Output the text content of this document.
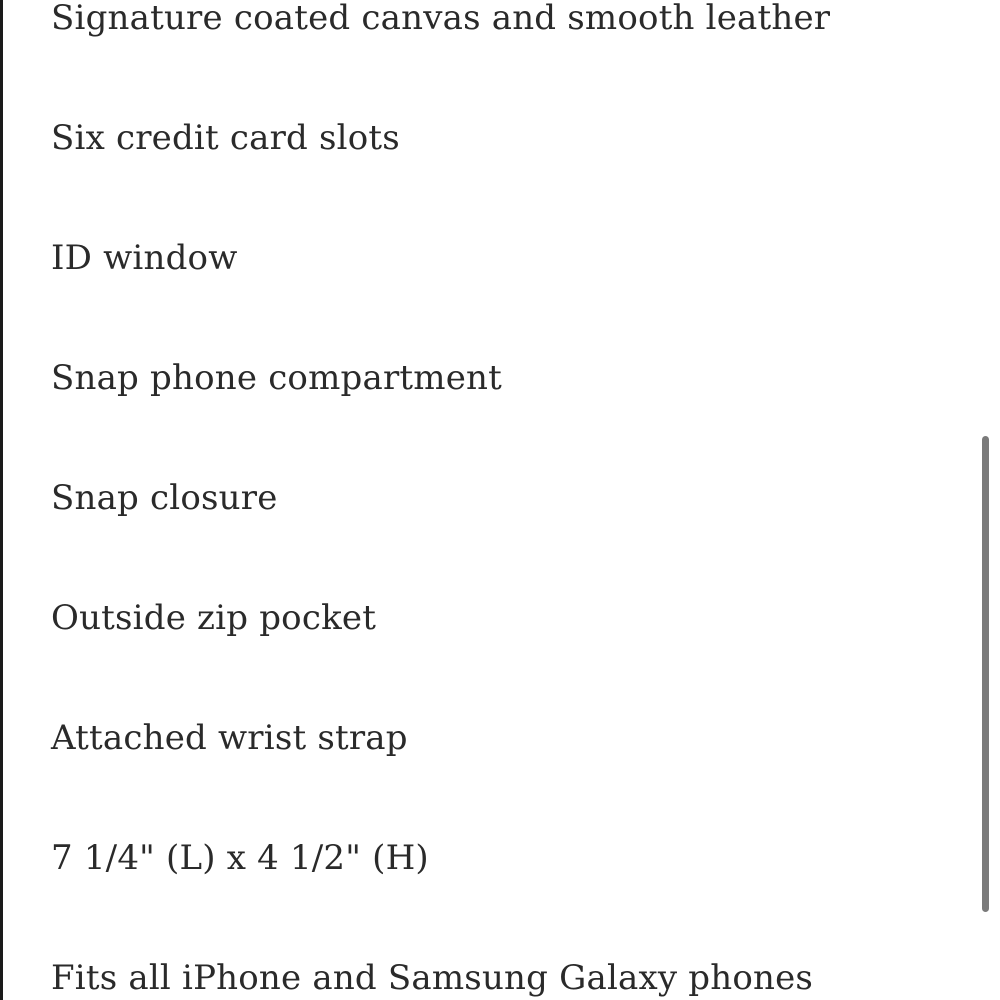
Signature coated canvas and smooth leather
Six credit card slots
ID window
Snap phone compartment
Snap closure
Outside zip pocket
Attached wrist strap
7 1/4" (L) x 4 1/2" (H)
Fits all iPhone and Samsung Galaxy phones
